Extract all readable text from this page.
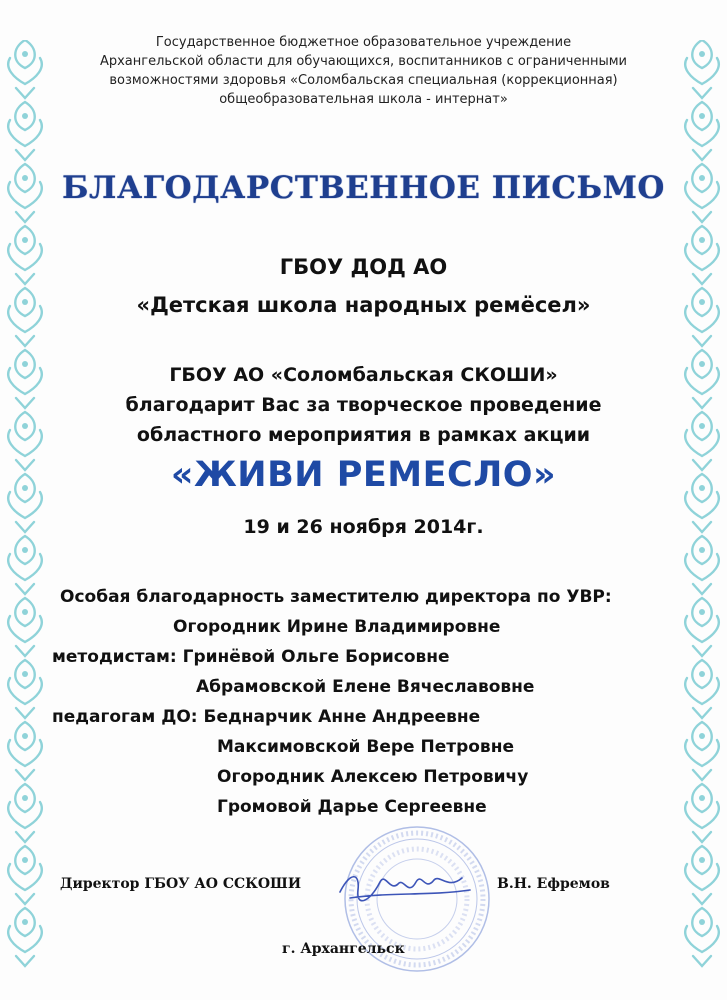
Государственное бюджетное образовательное учреждение
Архангельской области для обучающихся, воспитанников с ограниченными
возможностями здоровья «Соломбальская специальная (коррекционная)
общеобразовательная школа - интернат»
БЛАГОДАРСТВЕННОЕ ПИСЬМО
ГБОУ ДОД АО
«Детская школа народных ремёсел»
ГБОУ АО «Соломбальская СКОШИ»
благодарит Вас за творческое проведение
областного мероприятия в рамках акции
«ЖИВИ РЕМЕСЛО»
19 и 26 ноября 2014г.
Особая благодарность заместителю директора по УВР:
Огородник Ирине Владимировне
методистам: Гринёвой Ольге Борисовне
Абрамовской Елене Вячеславовне
педагогам ДО: Беднарчик Анне Андреевне
Максимовской Вере Петровне
Огородник Алексею Петровичу
Громовой Дарье Сергеевне
Директор ГБОУ АО ССКОШИ	В.Н. Ефремов
г. Архангельск
